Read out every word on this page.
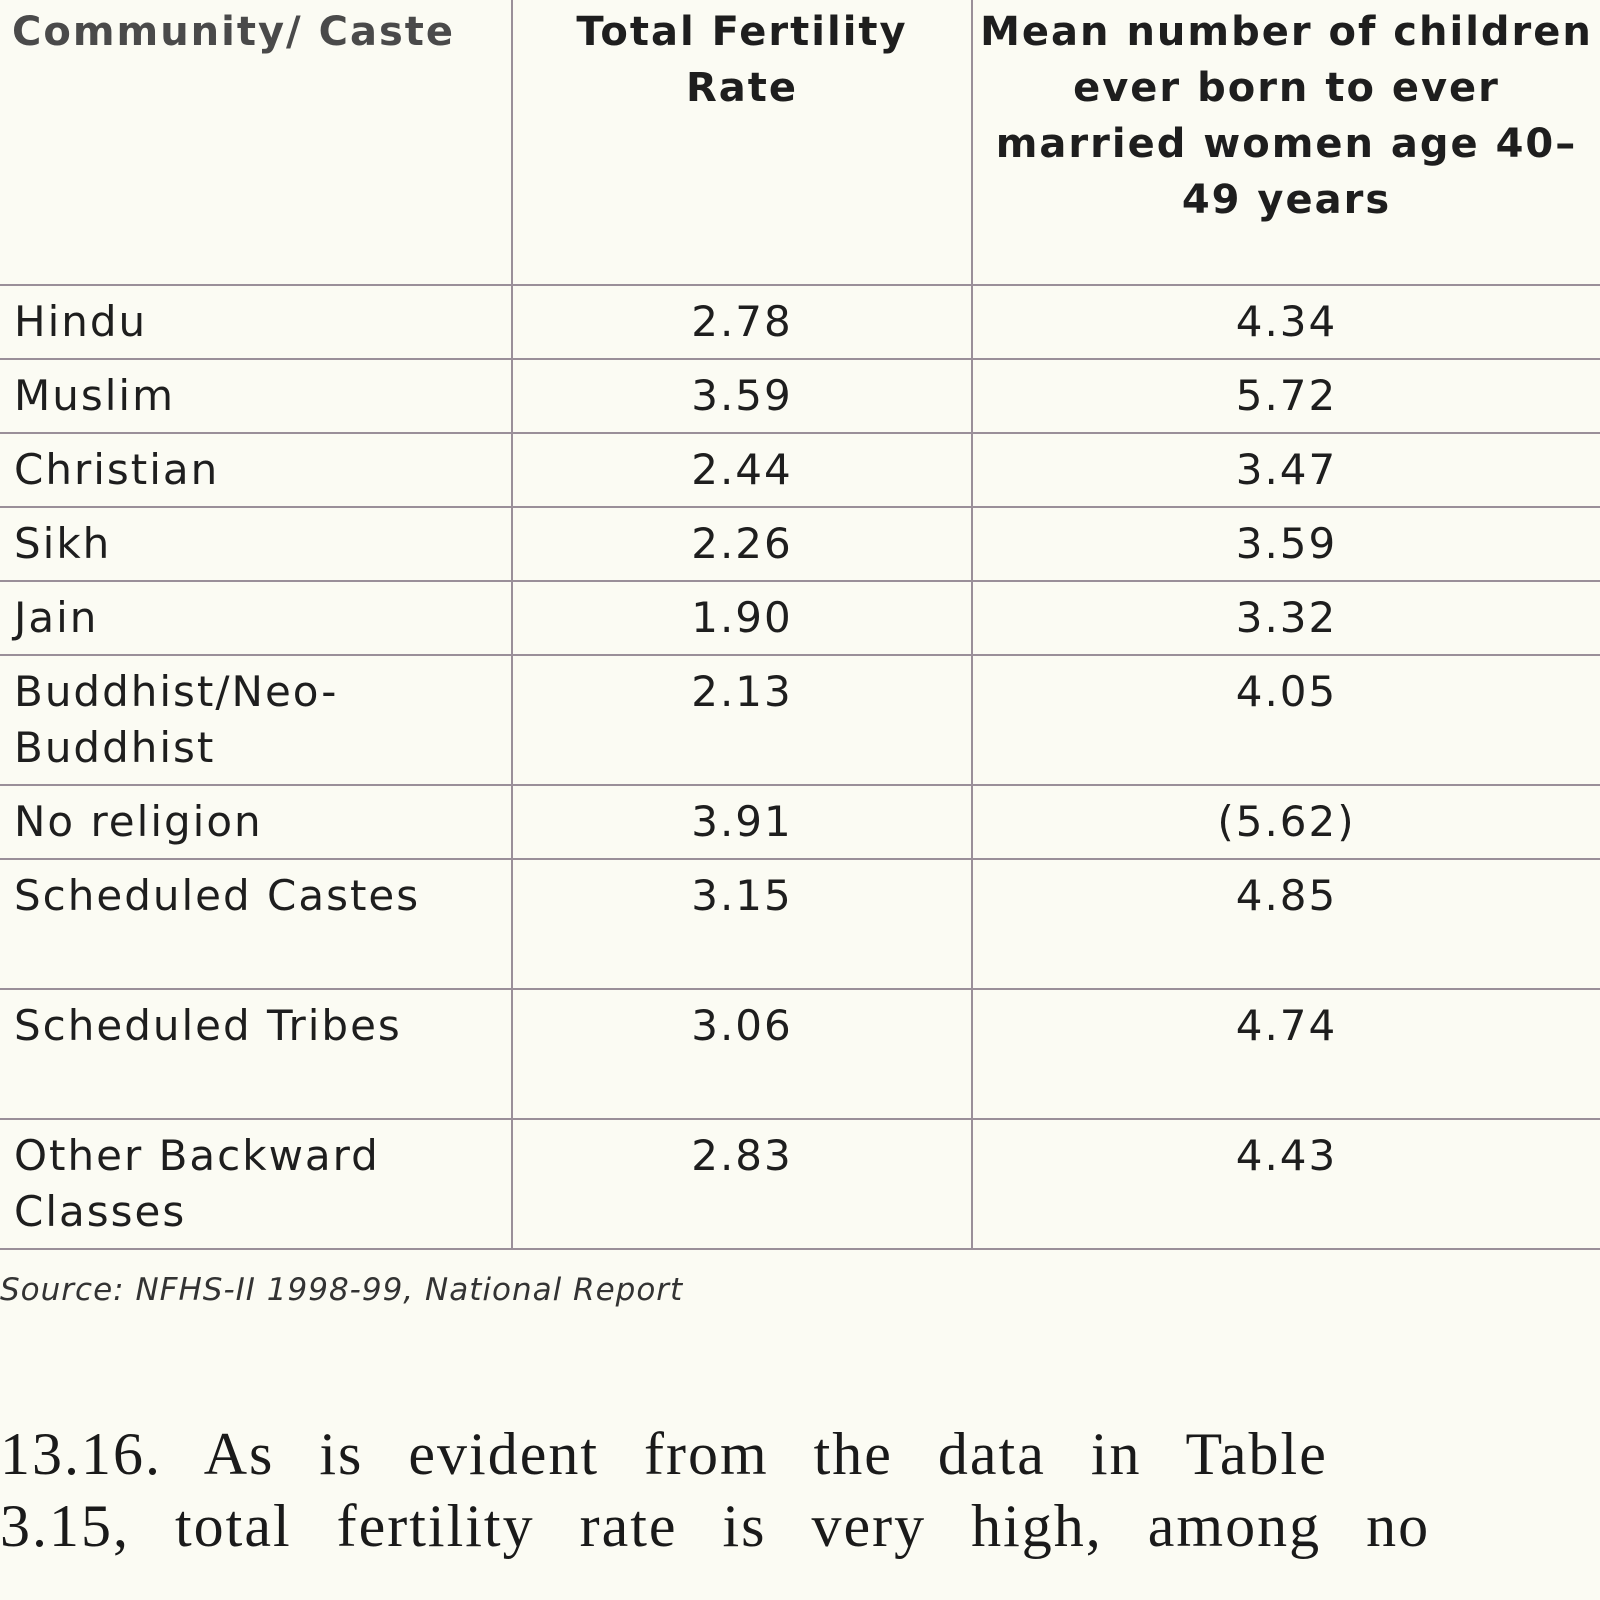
Community/ Caste	Total Fertility Rate	Mean number of children ever born to ever married women age 40–49 years
Hindu	2.78	4.34
Muslim	3.59	5.72
Christian	2.44	3.47
Sikh	2.26	3.59
Jain	1.90	3.32
Buddhist/Neo-Buddhist	2.13	4.05
No religion	3.91	(5.62)
Scheduled Castes	3.15	4.85
Scheduled Tribes	3.06	4.74
Other Backward Classes	2.83	4.43
Source: NFHS-II 1998-99, National Report
13.16. As is evident from the data in Table
3.15, total fertility rate is very high, among no
